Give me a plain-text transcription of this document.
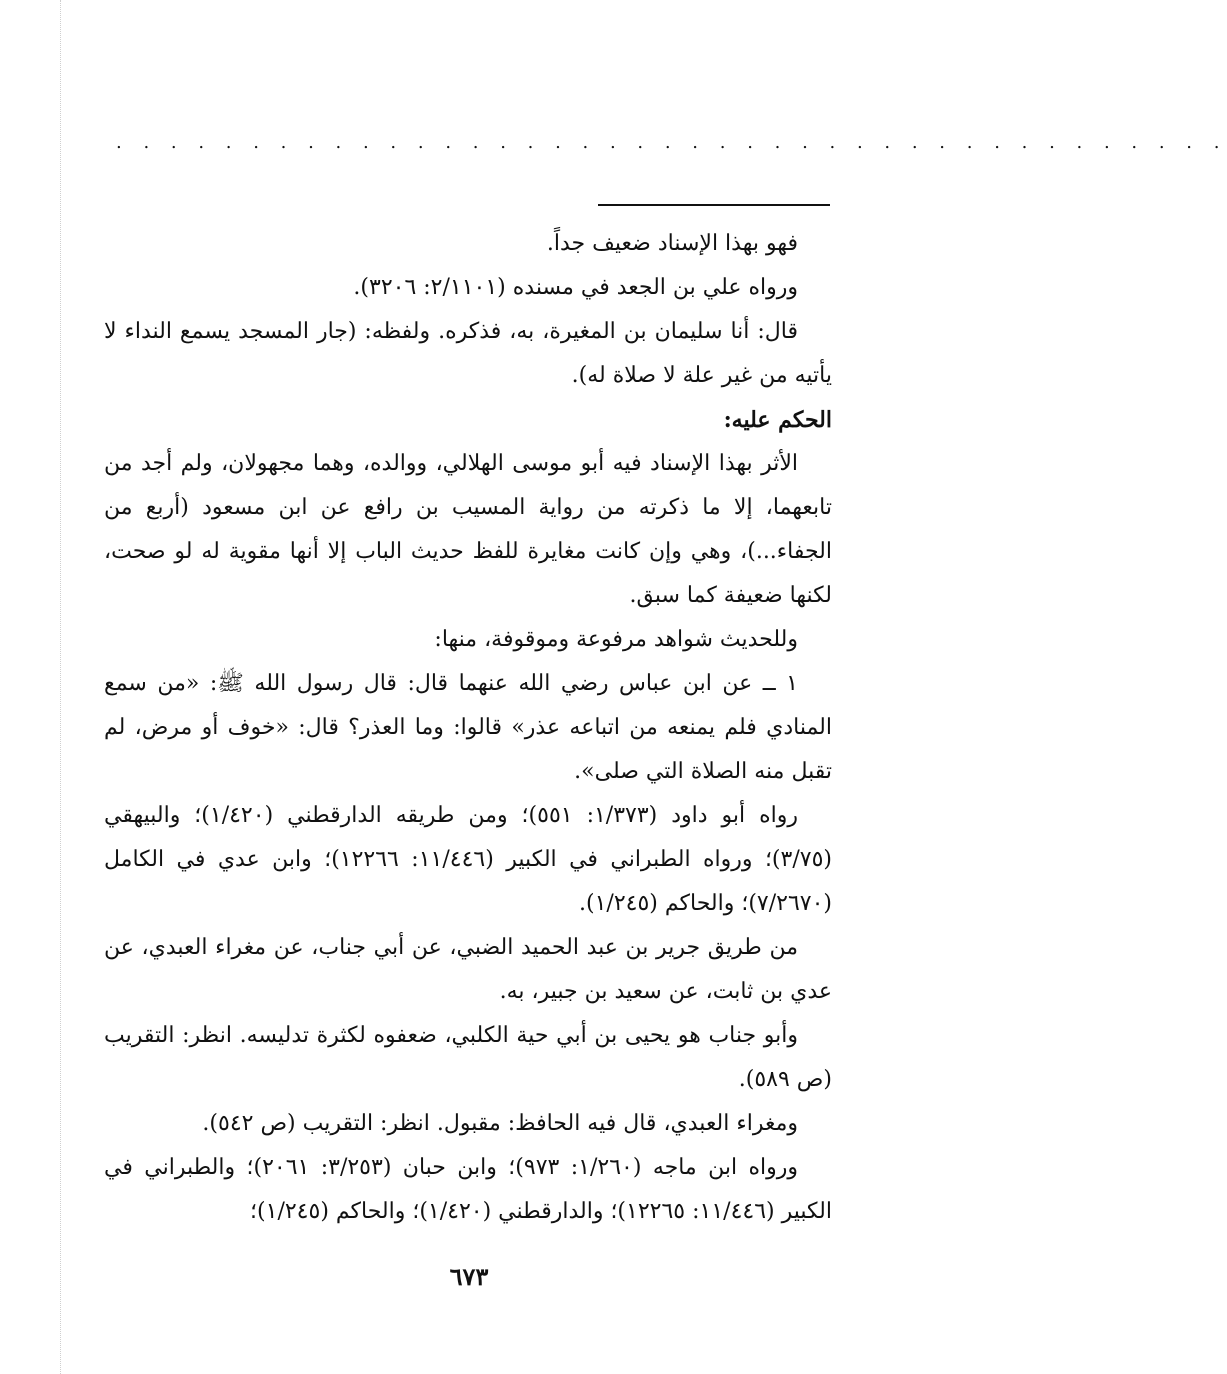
. . . . . . . . . . . . . . . . . . . . . . . . . . . . . . . . . . . . . . . . .

فهو بهذا الإسناد ضعيف جداً.

ورواه علي بن الجعد في مسنده (٢/١١٠١: ٣٢٠٦).

قال: أنا سليمان بن المغيرة، به، فذكره. ولفظه: (جار المسجد يسمع النداء لا يأتيه من غير علة لا صلاة له).

الحكم عليه:

الأثر بهذا الإسناد فيه أبو موسى الهلالي، ووالده، وهما مجهولان، ولم أجد من تابعهما، إلا ما ذكرته من رواية المسيب بن رافع عن ابن مسعود (أربع من الجفاء...)، وهي وإن كانت مغايرة للفظ حديث الباب إلا أنها مقوية له لو صحت، لكنها ضعيفة كما سبق.

وللحديث شواهد مرفوعة وموقوفة، منها:

١ ــ عن ابن عباس رضي الله عنهما قال: قال رسول الله ﷺ: «من سمع المنادي فلم يمنعه من اتباعه عذر» قالوا: وما العذر؟ قال: «خوف أو مرض، لم تقبل منه الصلاة التي صلى».

رواه أبو داود (١/٣٧٣: ٥٥١)؛ ومن طريقه الدارقطني (١/٤٢٠)؛ والبيهقي (٣/٧٥)؛ ورواه الطبراني في الكبير (١١/٤٤٦: ١٢٢٦٦)؛ وابن عدي في الكامل (٧/٢٦٧٠)؛ والحاكم (١/٢٤٥).

من طريق جرير بن عبد الحميد الضبي، عن أبي جناب، عن مغراء العبدي، عن عدي بن ثابت، عن سعيد بن جبير، به.

وأبو جناب هو يحيى بن أبي حية الكلبي، ضعفوه لكثرة تدليسه. انظر: التقريب (ص ٥٨٩).

ومغراء العبدي، قال فيه الحافظ: مقبول. انظر: التقريب (ص ٥٤٢).

ورواه ابن ماجه (١/٢٦٠: ٩٧٣)؛ وابن حبان (٣/٢٥٣: ٢٠٦١)؛ والطبراني في الكبير (١١/٤٤٦: ١٢٢٦٥)؛ والدارقطني (١/٤٢٠)؛ والحاكم (١/٢٤٥)؛

٦٧٣
